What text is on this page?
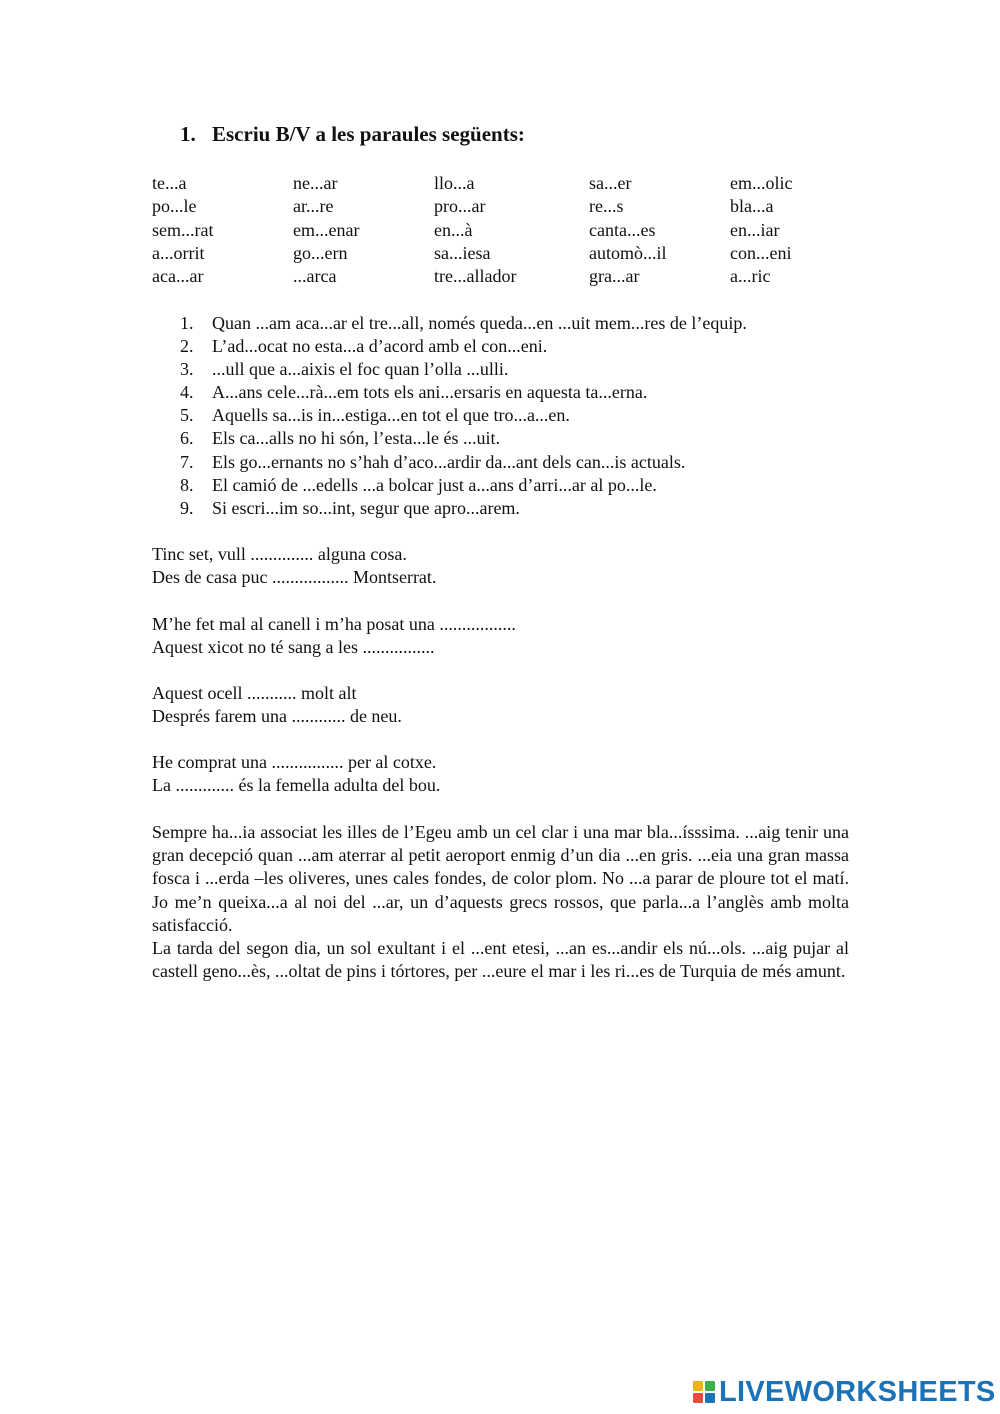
1. Escriu B/V a les paraules següents:
te...a	ne...ar	llo...a	sa...er	em...olic
po...le	ar...re	pro...ar	re...s	bla...a
sem...rat	em...enar	en...à	canta...es	en...iar
a...orrit	go...ern	sa...iesa	automò...il	con...eni
aca...ar	...arca	tre...allador	gra...ar	a...ric
1. Quan ...am aca...ar el tre...all, només queda...en ...uit mem...res de l’equip.
2. L’ad...ocat no esta...a d’acord amb el con...eni.
3. ...ull que a...aixis el foc quan l’olla ...ulli.
4. A...ans cele...rà...em tots els ani...ersaris en aquesta ta...erna.
5. Aquells sa...is in...estiga...en tot el que tro...a...en.
6. Els ca...alls no hi són, l’esta...le és ...uit.
7. Els go...ernants no s’hah d’aco...ardir da...ant dels can...is actuals.
8. El camió de ...edells ...a bolcar just a...ans d’arri...ar al po...le.
9. Si escri...im so...int, segur que apro...arem.
Tinc set, vull .............. alguna cosa.
Des de casa puc ................. Montserrat.
M’he fet mal al canell i m’ha posat una .................
Aquest xicot no té sang a les ................
Aquest ocell ........... molt alt
Després farem una ............ de neu.
He comprat una ................ per al cotxe.
La ............. és la femella adulta del bou.

Sempre ha...ia associat les illes de l’Egeu amb un cel clar i una mar bla...ísssima. ...aig tenir una gran decepció quan ...am aterrar al petit aeroport enmig d’un dia ...en gris. ...eia una gran massa fosca i ...erda –les oliveres, unes cales fondes, de color plom. No ...a parar de ploure tot el matí. Jo me’n queixa...a al noi del ...ar, un d’aquests grecs rossos, que parla...a l’anglès amb molta satisfacció.

La tarda del segon dia, un sol exultant i el ...ent etesi, ...an es...andir els nú...ols. ...aig pujar al castell geno...ès, ...oltat de pins i tórtores, per ...eure el mar i les ri...es de Turquia de més amunt.

LIVEWORKSHEETS
